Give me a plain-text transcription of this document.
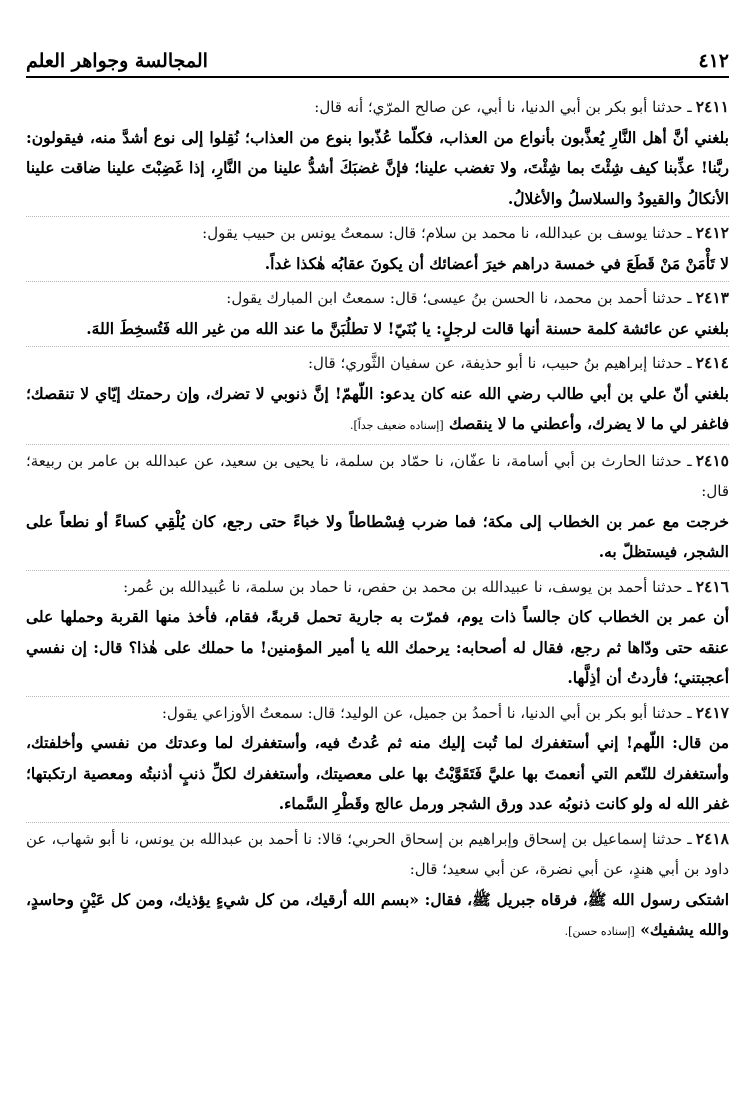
٤١٢
المجالسة وجواهر العلم
٢٤١١ـ حدثنا أبو بكر بن أبي الدنيا، نا أبي، عن صالح المرّي؛ أنه قال:
بلغني أنَّ أهل النَّارِ يُعذَّبون بأنواع من العذاب، فكلّما عُذّبوا بنوع من العذاب؛ نُقِلوا إلى نوع أشدَّ منه، فيقولون: ربَّنا! عذِّبنا كيف شِئْتَ بما شِئْتَ، ولا تغضب علينا؛ فإنَّ غضبَكَ أشدُّ علينا من النَّارِ، إذا غَضِبْتَ علينا ضاقت علينا الأنكالُ والقيودُ والسلاسلُ والأغلالُ.
٢٤١٢ـ حدثنا يوسف بن عبدالله، نا محمد بن سلام؛ قال: سمعتُ يونس بن حبيب يقول:
لا تَأْمَنْ مَنْ قَطَعَ في خمسة دراهم خيرَ أعضائك أن يكونَ عقابُه هٰكذا غداً.
٢٤١٣ـ حدثنا أحمد بن محمد، نا الحسن بنُ عيسى؛ قال: سمعتُ ابن المبارك يقول:
بلغني عن عائشة كلمة حسنة أنها قالت لرجلٍ: يا بُنَيّ! لا تطلُبَنَّ ما عند الله من غير الله فَتُسخِطَ اللهَ.
٢٤١٤ـ حدثنا إبراهيم بنُ حبيب، نا أبو حذيفة، عن سفيان الثَّوري؛ قال:
بلغني أنّ علي بن أبي طالب رضي الله عنه كان يدعو: اللّهمّ! إنَّ ذنوبي لا تضرك، وإن رحمتك إيّاي لا تنقصك؛ فاغفر لي ما لا يضرك، وأعطني ما لا ينقصك [إسناده ضعيف جداً].
٢٤١٥ـ حدثنا الحارث بن أبي أسامة، نا عفّان، نا حمّاد بن سلمة، نا يحيى بن سعيد، عن عبدالله بن عامر بن ربيعة؛ قال:
خرجت مع عمر بن الخطاب إلى مكة؛ فما ضرب فِسْطاطاً ولا خباءً حتى رجع، كان يُلْقِي كساءً أو نطعاً على الشجر، فيستظلّ به.
٢٤١٦ـ حدثنا أحمد بن يوسف، نا عبيدالله بن محمد بن حفص، نا حماد بن سلمة، نا عُبيدالله بن عُمر:
أن عمر بن الخطاب كان جالساً ذات يوم، فمرّت به جارية تحمل قربةً، فقام، فأخذ منها القربة وحملها على عنقه حتى ودّاها ثم رجع، فقال له أصحابه: يرحمك الله يا أمير المؤمنين! ما حملك على هٰذا؟ قال: إن نفسي أعجبتني؛ فأردتُ أن أذِلَّها.
٢٤١٧ـ حدثنا أبو بكر بن أبي الدنيا، نا أحمدُ بن جميل، عن الوليد؛ قال: سمعتُ الأوزاعي يقول:
من قال: اللّهم! إني أستغفرك لما تُبت إليك منه ثم عُدتُ فيه، وأستغفرك لما وعدتك من نفسي وأخلفتك، وأستغفرك للنّعم التي أنعمتَ بها عليَّ فَتَقَوَّيْتُ بها على معصيتك، وأستغفرك لكلِّ ذنبٍ أذنبتُه ومعصية ارتكبتها؛ غفر الله له ولو كانت ذنوبُه عدد ورق الشجر ورمل عالج وقَطْرِ السَّماء.
٢٤١٨ـ حدثنا إسماعيل بن إسحاق وإبراهيم بن إسحاق الحربي؛ قالا: نا أحمد بن عبدالله بن يونس، نا أبو شهاب، عن داود بن أبي هندٍ، عن أبي نضرة، عن أبي سعيد؛ قال:
اشتكى رسول الله ﷺ، فرقاه جبريل ﷺ، فقال: «بسم الله أرقيك، من كل شيءٍ يؤذيك، ومن كل عَيْنٍ وحاسدٍ، والله يشفيك» [إسناده حسن].
